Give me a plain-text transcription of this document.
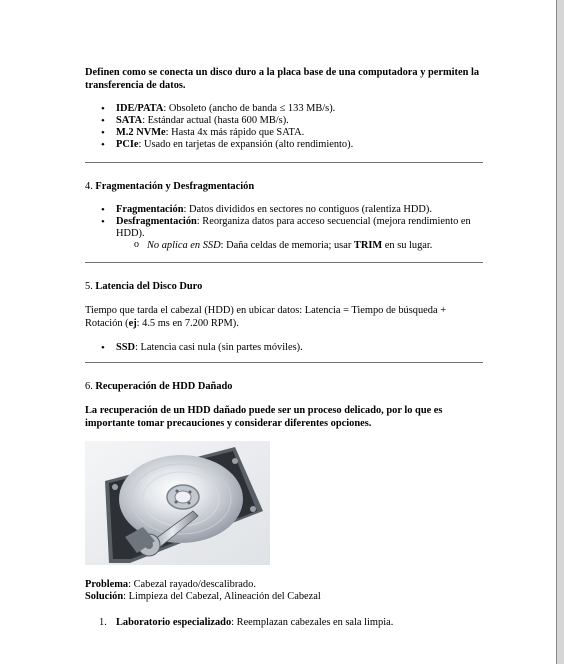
Definen como se conecta un disco duro a la placa base de una computadora y permiten la transferencia de datos.

• IDE/PATA: Obsoleto (ancho de banda ≤ 133 MB/s).
• SATA: Estándar actual (hasta 600 MB/s).
• M.2 NVMe: Hasta 4x más rápido que SATA.
• PCIe: Usado en tarjetas de expansión (alto rendimiento).

4. Fragmentación y Desfragmentación

• Fragmentación: Datos divididos en sectores no contiguos (ralentiza HDD).
• Desfragmentación: Reorganiza datos para acceso secuencial (mejora rendimiento en HDD).
o No aplica en SSD: Daña celdas de memoria; usar TRIM en su lugar.

5. Latencia del Disco Duro

Tiempo que tarda el cabezal (HDD) en ubicar datos: Latencia = Tiempo de búsqueda + Rotación (ej: 4.5 ms en 7.200 RPM).

• SSD: Latencia casi nula (sin partes móviles).

6. Recuperación de HDD Dañado

La recuperación de un HDD dañado puede ser un proceso delicado, por lo que es importante tomar precauciones y considerar diferentes opciones.

Problema: Cabezal rayado/descalibrado.

Solución: Limpieza del Cabezal, Alineación del Cabezal

1. Laboratorio especializado: Reemplazan cabezales en sala limpia.
